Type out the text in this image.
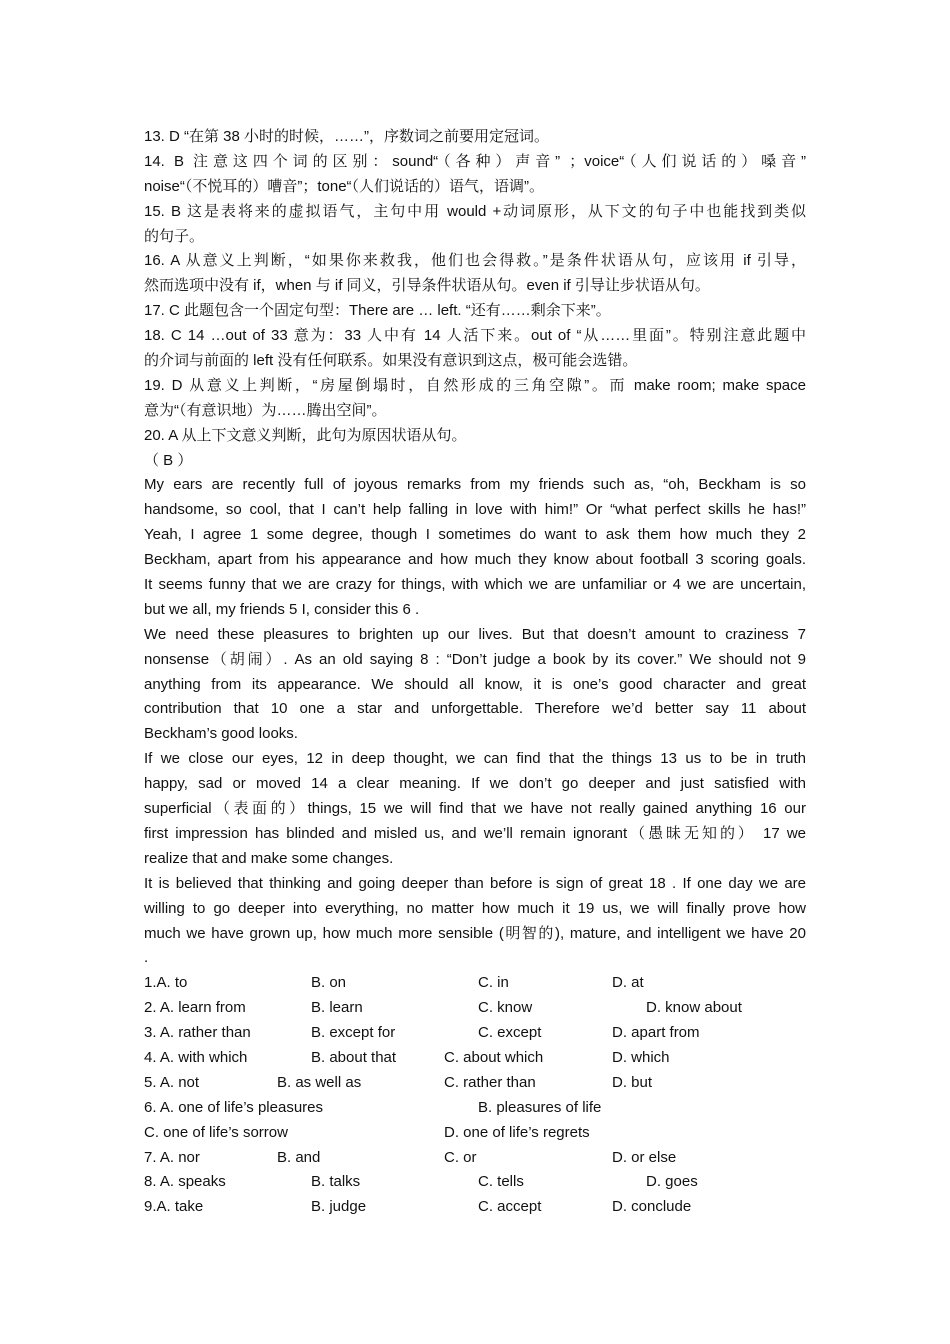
13. D “在第 38 小时的时候，……”，序数词之前要用定冠词。
14. B 注意这四个词的区别：sound“（各种）声音” ；voice“（人们说话的）嗓音”
noise“（不悦耳的）嘈音”；tone“（人们说话的）语气，语调”。
15. B 这是表将来的虚拟语气，主句中用 would +动词原形，从下文的句子中也能找到类似
的句子。
16. A 从意义上判断，“如果你来救我，他们也会得救。”是条件状语从句，应该用 if 引导，
然而选项中没有 if，when 与 if 同义，引导条件状语从句。even if 引导让步状语从句。
17. C 此题包含一个固定句型：There are … left. “还有……剩余下来”。
18. C 14 …out of 33 意为：33 人中有 14 人活下来。out of “从……里面”。特别注意此题中
的介词与前面的 left 没有任何联系。如果没有意识到这点，极可能会选错。
19. D 从意义上判断，“房屋倒塌时，自然形成的三角空隙”。而 make room; make space
意为“（有意识地）为……腾出空间”。
20. A 从上下文意义判断，此句为原因状语从句。
（ B ）
My ears are recently full of joyous remarks from my friends such as, “oh, Beckham is so
handsome, so cool, that I can’t help falling in love with him!” Or “what perfect skills he has!”
Yeah, I agree 1 some degree, though I sometimes do want to ask them how much they 2
Beckham, apart from his appearance and how much they know about football 3 scoring goals.
It seems funny that we are crazy for things, with which we are unfamiliar or 4 we are uncertain,
but we all, my friends 5 I, consider this 6 .
We need these pleasures to brighten up our lives. But that doesn’t amount to craziness 7
nonsense（胡闹）. As an old saying 8 : “Don’t judge a book by its cover.” We should not 9
anything from its appearance. We should all know, it is one’s good character and great
contribution that 10 one a star and unforgettable. Therefore we’d better say 11 about
Beckham’s good looks.
If we close our eyes, 12 in deep thought, we can find that the things 13 us to be in truth
happy, sad or moved 14 a clear meaning. If we don’t go deeper and just satisfied with
superficial（表面的）things, 15 we will find that we have not really gained anything 16 our
first impression has blinded and misled us, and we’ll remain ignorant（愚昧无知的） 17 we
realize that and make some changes.
It is believed that thinking and going deeper than before is sign of great 18 . If one day we are
willing to go deeper into everything, no matter how much it 19 us, we will finally prove how
much we have grown up, how much more sensible (明智的), mature, and intelligent we have 20
.
1.A. to	B. on	C. in	D. at
2. A. learn from	B. learn	C. know	D. know about
3. A. rather than	B. except for	C. except	D. apart from
4. A. with which	B. about that	C. about which	D. which
5. A. not	B. as well as	C. rather than	D. but
6. A. one of life’s pleasures	B. pleasures of life
C. one of life’s sorrow	D. one of life’s regrets
7. A. nor	B. and	C. or	D. or else
8. A. speaks	B. talks	C. tells	D. goes
9.A. take	B. judge	C. accept	D. conclude
